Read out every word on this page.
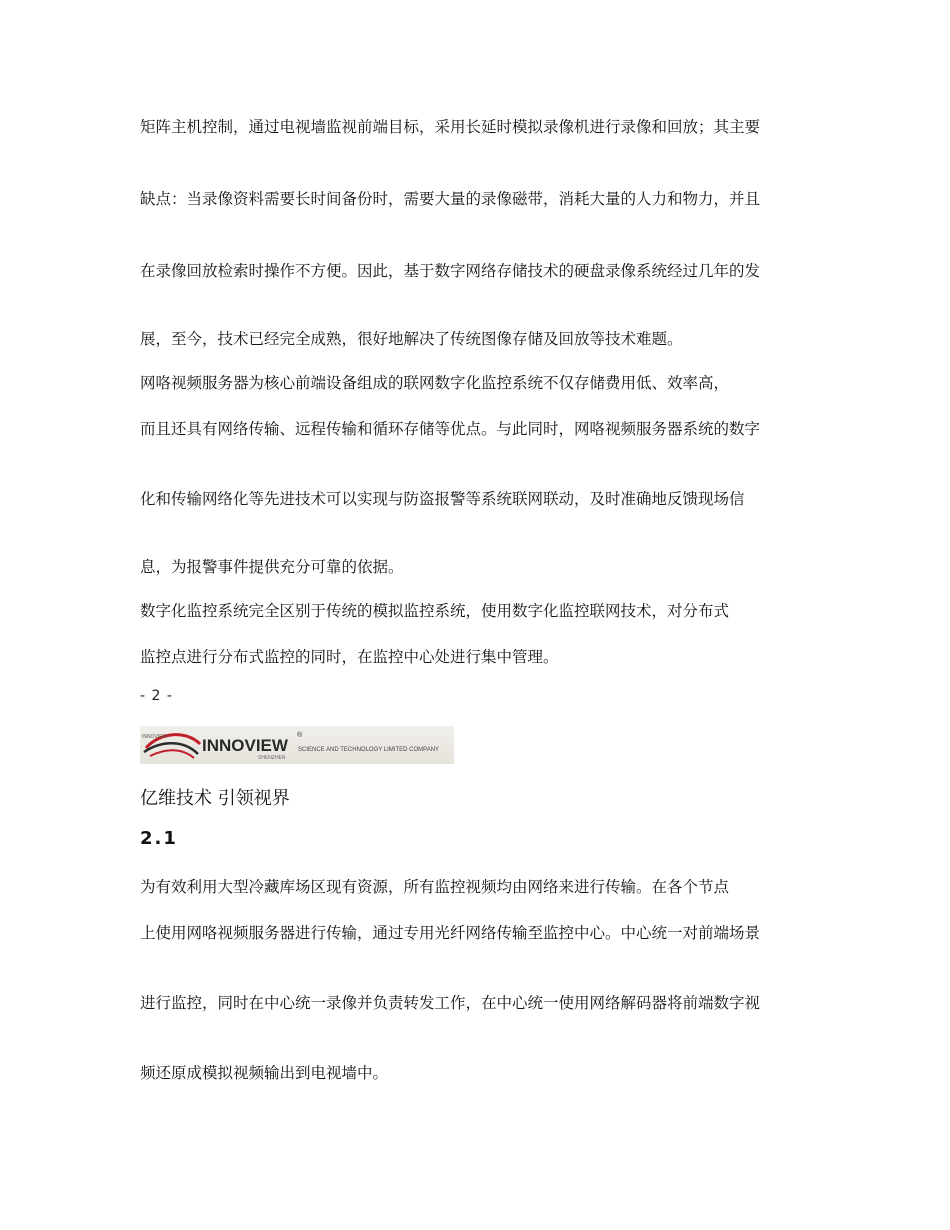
矩阵主机控制，通过电视墙监视前端目标，采用长延时模拟录像机进行录像和回放；其主要

缺点：当录像资料需要长时间备份时，需要大量的录像磁带，消耗大量的人力和物力，并且

在录像回放检索时操作不方便。因此，基于数字网络存储技术的硬盘录像系统经过几年的发

展，至今，技术已经完全成熟，很好地解决了传统图像存储及回放等技术难题。

网咯视频服务器为核心前端设备组成的联网数字化监控系统不仅存储费用低、效率高，

而且还具有网络传输、远程传输和循环存储等优点。与此同时，网咯视频服务器系统的数字

化和传输网络化等先进技术可以实现与防盗报警等系统联网联动，及时准确地反馈现场信

息，为报警事件提供充分可靠的依据。

数字化监控系统完全区别于传统的模拟监控系统，使用数字化监控联网技术，对分布式

监控点进行分布式监控的同时，在监控中心处进行集中管理。

- 2 -
INNOVIEW INNOVIEW
®
SCIENCE AND TECHNOLOGY LIMITED COMPANY
SHENZHEN

亿维技术 引领视界

2.1

为有效利用大型冷藏库场区现有资源，所有监控视频均由网络来进行传输。在各个节点

上使用网咯视频服务器进行传输，通过专用光纤网络传输至监控中心。中心统一对前端场景

进行监控，同时在中心统一录像并负责转发工作，在中心统一使用网络解码器将前端数字视

频还原成模拟视频输出到电视墙中。
